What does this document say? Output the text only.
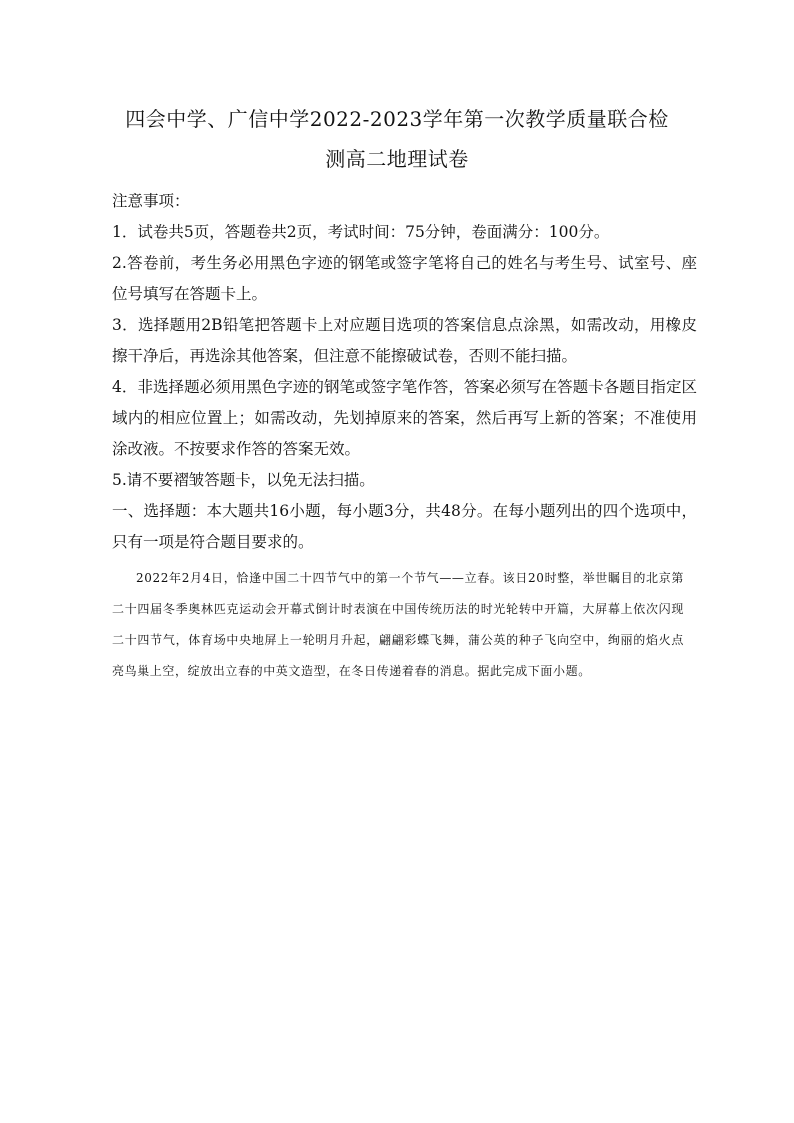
四会中学、广信中学2022-2023学年第一次教学质量联合检
测高二地理试卷

注意事项：

1．试卷共5页，答题卷共2页，考试时间：75分钟，卷面满分：100分。

2.答卷前，考生务必用黑色字迹的钢笔或签字笔将自己的姓名与考生号、试室号、座位号填写在答题卡上。

3．选择题用2B铅笔把答题卡上对应题目选项的答案信息点涂黑，如需改动，用橡皮擦干净后，再选涂其他答案，但注意不能擦破试卷，否则不能扫描。

4．非选择题必须用黑色字迹的钢笔或签字笔作答，答案必须写在答题卡各题目指定区域内的相应位置上；如需改动，先划掉原来的答案，然后再写上新的答案；不准使用涂改液。不按要求作答的答案无效。

5.请不要褶皱答题卡，以免无法扫描。

一、选择题：本大题共16小题，每小题3分，共48分。在每小题列出的四个选项中，只有一项是符合题目要求的。

2022年2月4日，恰逢中国二十四节气中的第一个节气——立春。该日20时整，举世瞩目的北京第二十四届冬季奥林匹克运动会开幕式倒计时表演在中国传统历法的时光轮转中开篇，大屏幕上依次闪现二十四节气，体育场中央地屏上一轮明月升起，翩翩彩蝶飞舞，蒲公英的种子飞向空中，绚丽的焰火点亮鸟巢上空，绽放出立春的中英文造型，在冬日传递着春的消息。据此完成下面小题。
